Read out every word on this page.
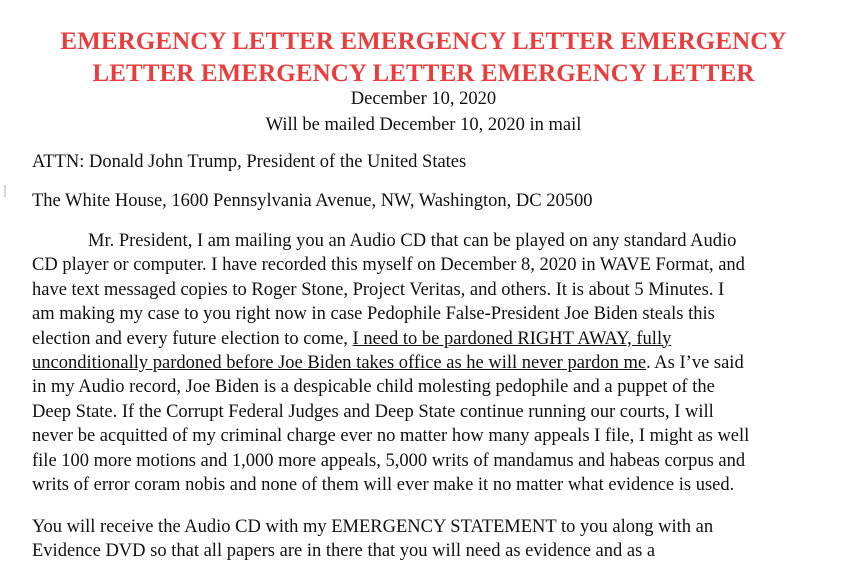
EMERGENCY LETTER EMERGENCY LETTER EMERGENCY
LETTER EMERGENCY LETTER EMERGENCY LETTER
December 10, 2020
Will be mailed December 10, 2020 in mail
ATTN: Donald John Trump, President of the United States
The White House, 1600 Pennsylvania Avenue, NW, Washington, DC 20500
Mr. President, I am mailing you an Audio CD that can be played on any standard Audio
CD player or computer. I have recorded this myself on December 8, 2020 in WAVE Format, and
have text messaged copies to Roger Stone, Project Veritas, and others. It is about 5 Minutes. I
am making my case to you right now in case Pedophile False-President Joe Biden steals this
election and every future election to come, I need to be pardoned RIGHT AWAY, fully
unconditionally pardoned before Joe Biden takes office as he will never pardon me. As I’ve said
in my Audio record, Joe Biden is a despicable child molesting pedophile and a puppet of the
Deep State. If the Corrupt Federal Judges and Deep State continue running our courts, I will
never be acquitted of my criminal charge ever no matter how many appeals I file, I might as well
file 100 more motions and 1,000 more appeals, 5,000 writs of mandamus and habeas corpus and
writs of error coram nobis and none of them will ever make it no matter what evidence is used.
You will receive the Audio CD with my EMERGENCY STATEMENT to you along with an
Evidence DVD so that all papers are in there that you will need as evidence and as a
